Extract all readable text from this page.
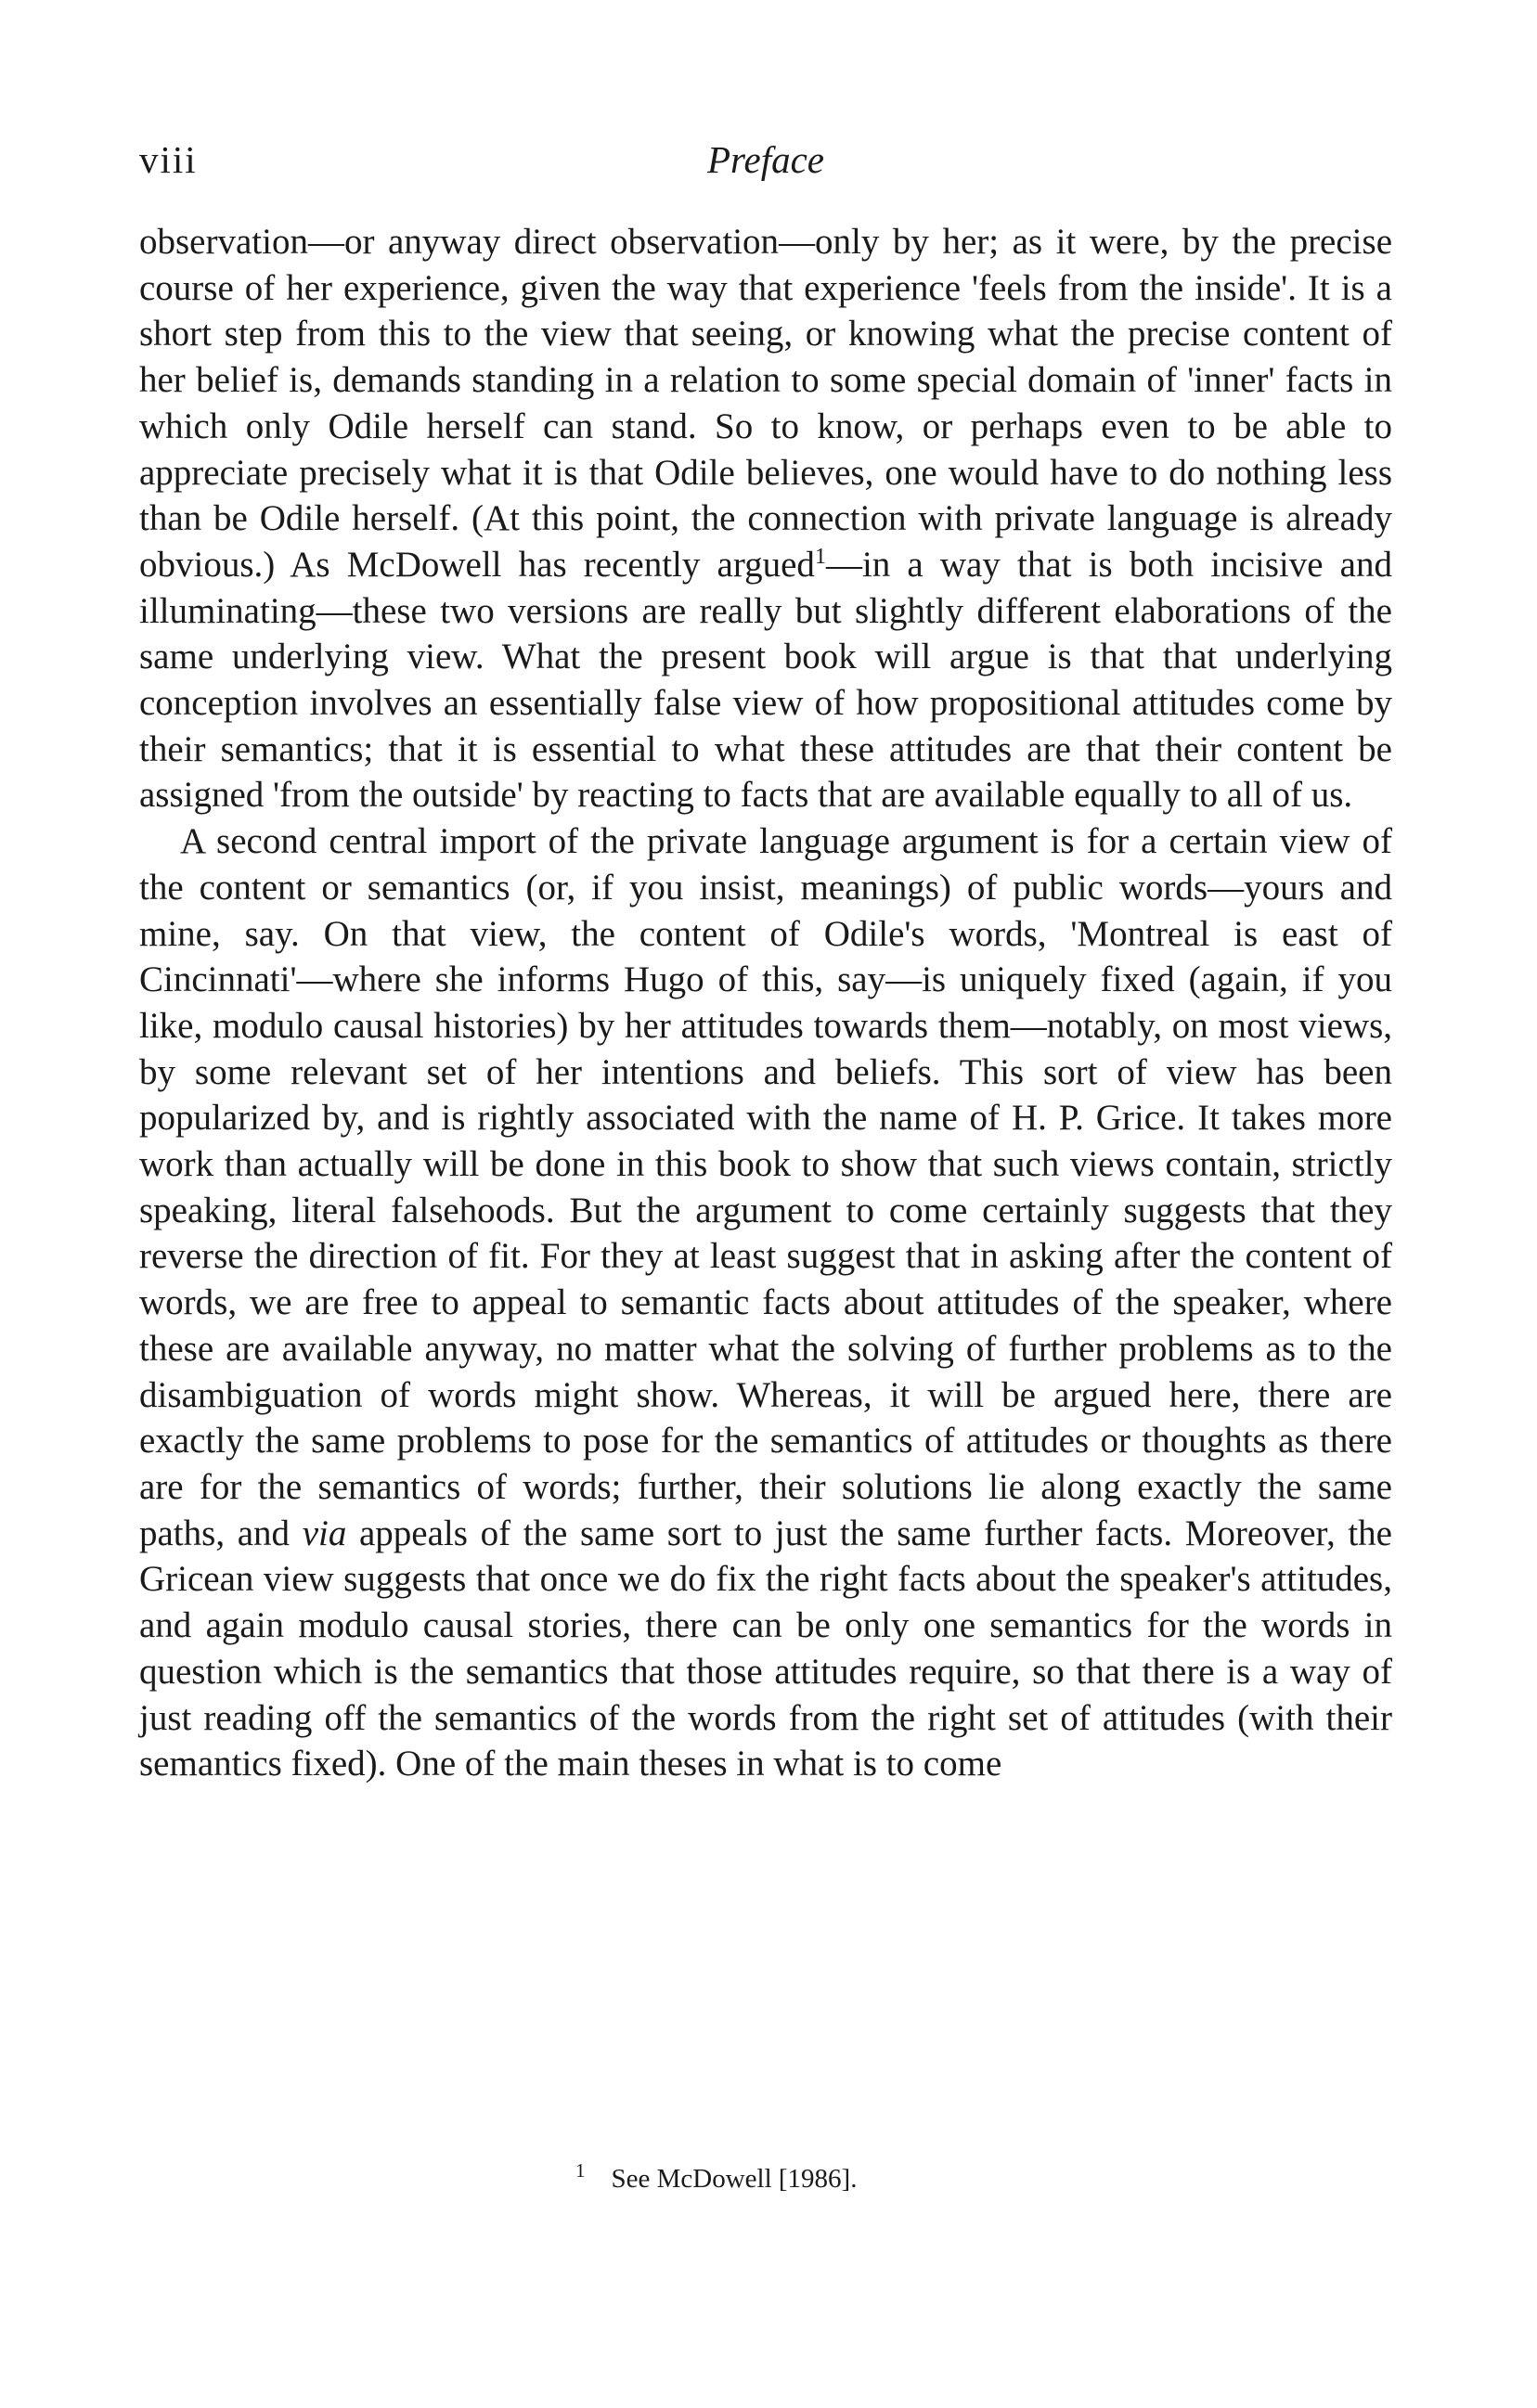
viii	Preface

observation—or anyway direct observation—only by her; as it were, by the precise course of her experience, given the way that experience 'feels from the inside'. It is a short step from this to the view that seeing, or knowing what the precise content of her belief is, demands standing in a relation to some special domain of 'inner' facts in which only Odile herself can stand. So to know, or perhaps even to be able to appreciate precisely what it is that Odile believes, one would have to do nothing less than be Odile herself. (At this point, the connection with private language is already obvious.) As McDowell has recently argued$^1$—in a way that is both incisive and illuminating—these two versions are really but slightly different elaborations of the same underlying view. What the present book will argue is that that underlying conception involves an essentially false view of how propositional attitudes come by their semantics; that it is essential to what these attitudes are that their content be assigned 'from the outside' by reacting to facts that are available equally to all of us.

A second central import of the private language argument is for a certain view of the content or semantics (or, if you insist, meanings) of public words—yours and mine, say. On that view, the content of Odile's words, 'Montreal is east of Cincinnati'—where she informs Hugo of this, say—is uniquely fixed (again, if you like, modulo causal histories) by her attitudes towards them—notably, on most views, by some relevant set of her intentions and beliefs. This sort of view has been popularized by, and is rightly associated with the name of H. P. Grice. It takes more work than actually will be done in this book to show that such views contain, strictly speaking, literal falsehoods. But the argument to come certainly suggests that they reverse the direction of fit. For they at least suggest that in asking after the content of words, we are free to appeal to semantic facts about attitudes of the speaker, where these are available anyway, no matter what the solving of further problems as to the disambiguation of words might show. Whereas, it will be argued here, there are exactly the same problems to pose for the semantics of attitudes or thoughts as there are for the semantics of words; further, their solutions lie along exactly the same paths, and via appeals of the same sort to just the same further facts. Moreover, the Gricean view suggests that once we do fix the right facts about the speaker's attitudes, and again modulo causal stories, there can be only one semantics for the words in question which is the semantics that those attitudes require, so that there is a way of just reading off the semantics of the words from the right set of attitudes (with their semantics fixed). One of the main theses in what is to come

$^1$ See McDowell [1986].
